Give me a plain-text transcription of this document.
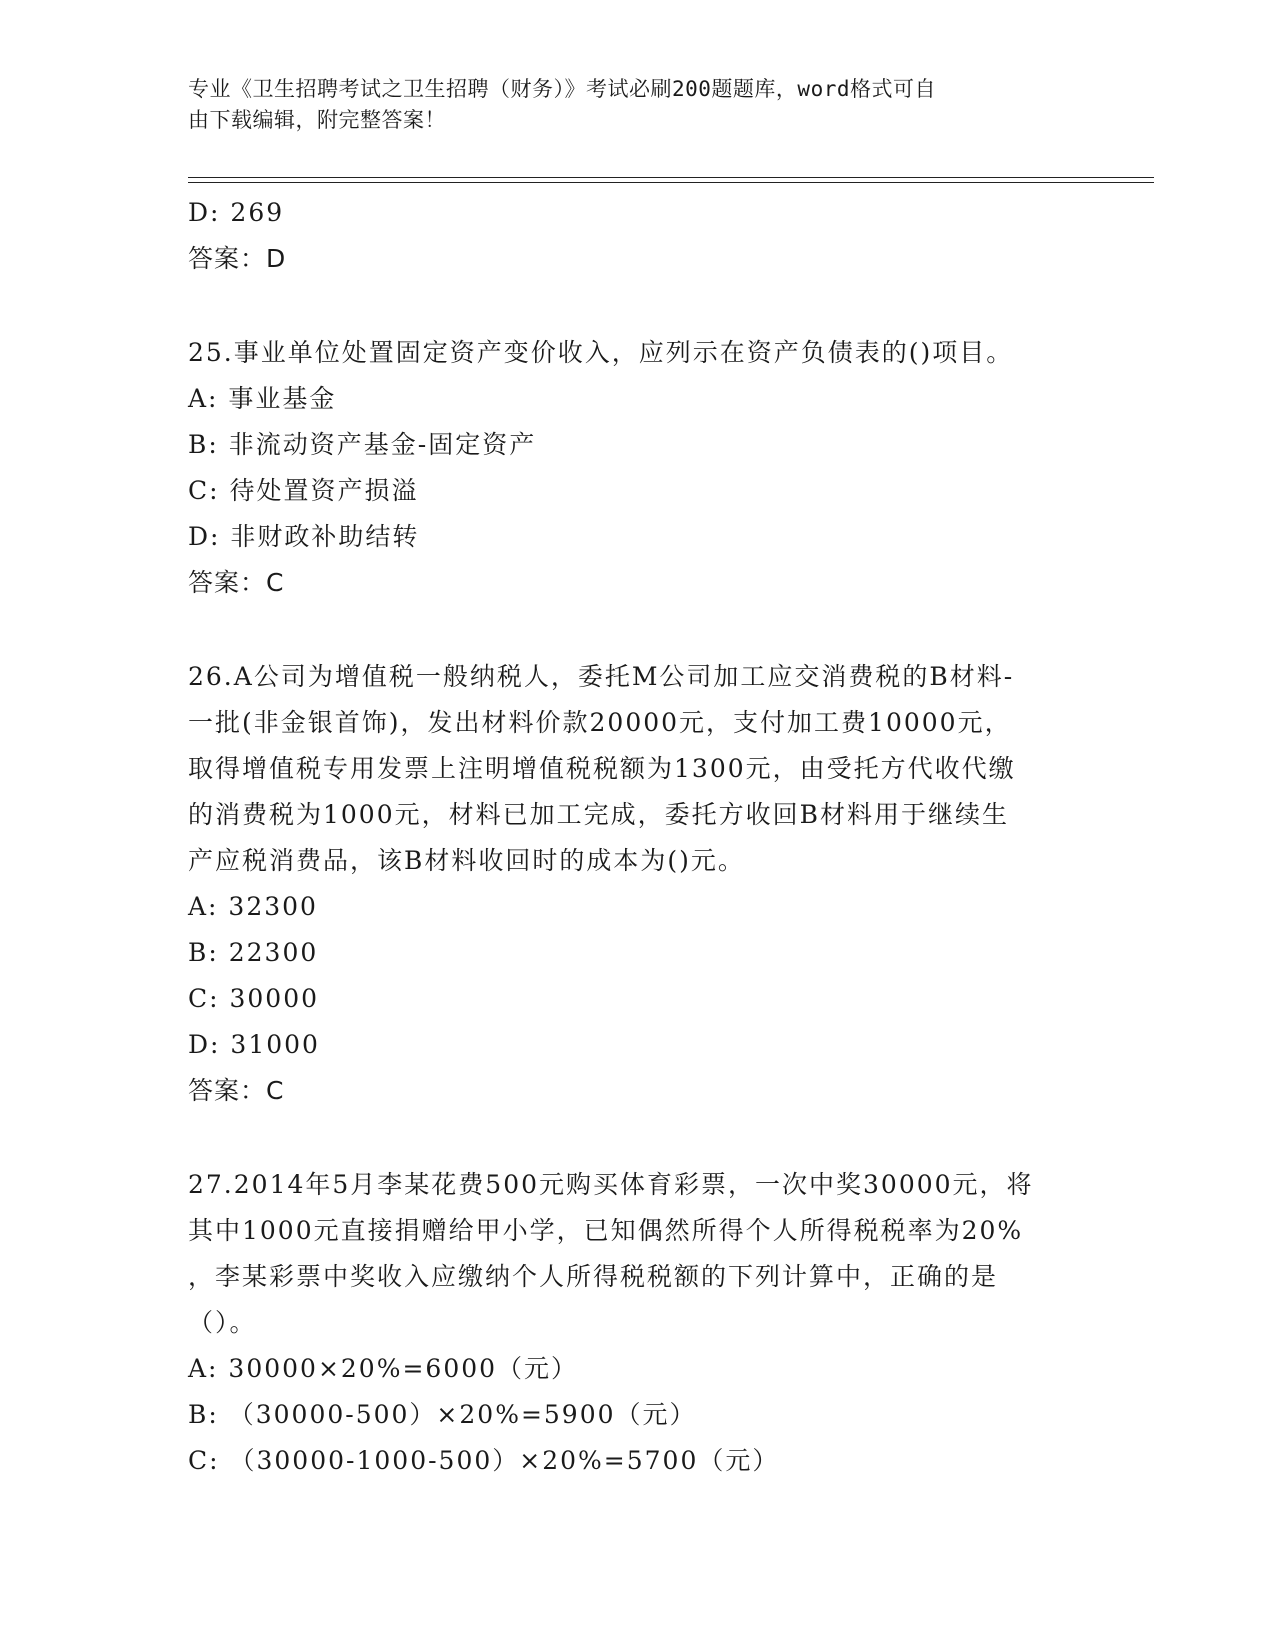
专业《卫生招聘考试之卫生招聘（财务）》考试必刷200题题库，word格式可自
由下载编辑，附完整答案！
D: 269
答案：D
25.事业单位处置固定资产变价收入，应列示在资产负债表的()项目。
A: 事业基金
B: 非流动资产基金-固定资产
C: 待处置资产损溢
D: 非财政补助结转
答案：C
26.A公司为增值税一般纳税人，委托M公司加工应交消费税的B材料-
一批(非金银首饰)，发出材料价款20000元，支付加工费10000元，
取得增值税专用发票上注明增值税税额为1300元，由受托方代收代缴
的消费税为1000元，材料已加工完成，委托方收回B材料用于继续生
产应税消费品，该B材料收回时的成本为()元。
A: 32300
B: 22300
C: 30000
D: 31000
答案：C
27.2014年5月李某花费500元购买体育彩票，一次中奖30000元，将
其中1000元直接捐赠给甲小学，已知偶然所得个人所得税税率为20%
，李某彩票中奖收入应缴纳个人所得税税额的下列计算中，正确的是
（）。
A: 30000×20%=6000（元）
B: （30000-500）×20%=5900（元）
C: （30000-1000-500）×20%=5700（元）
